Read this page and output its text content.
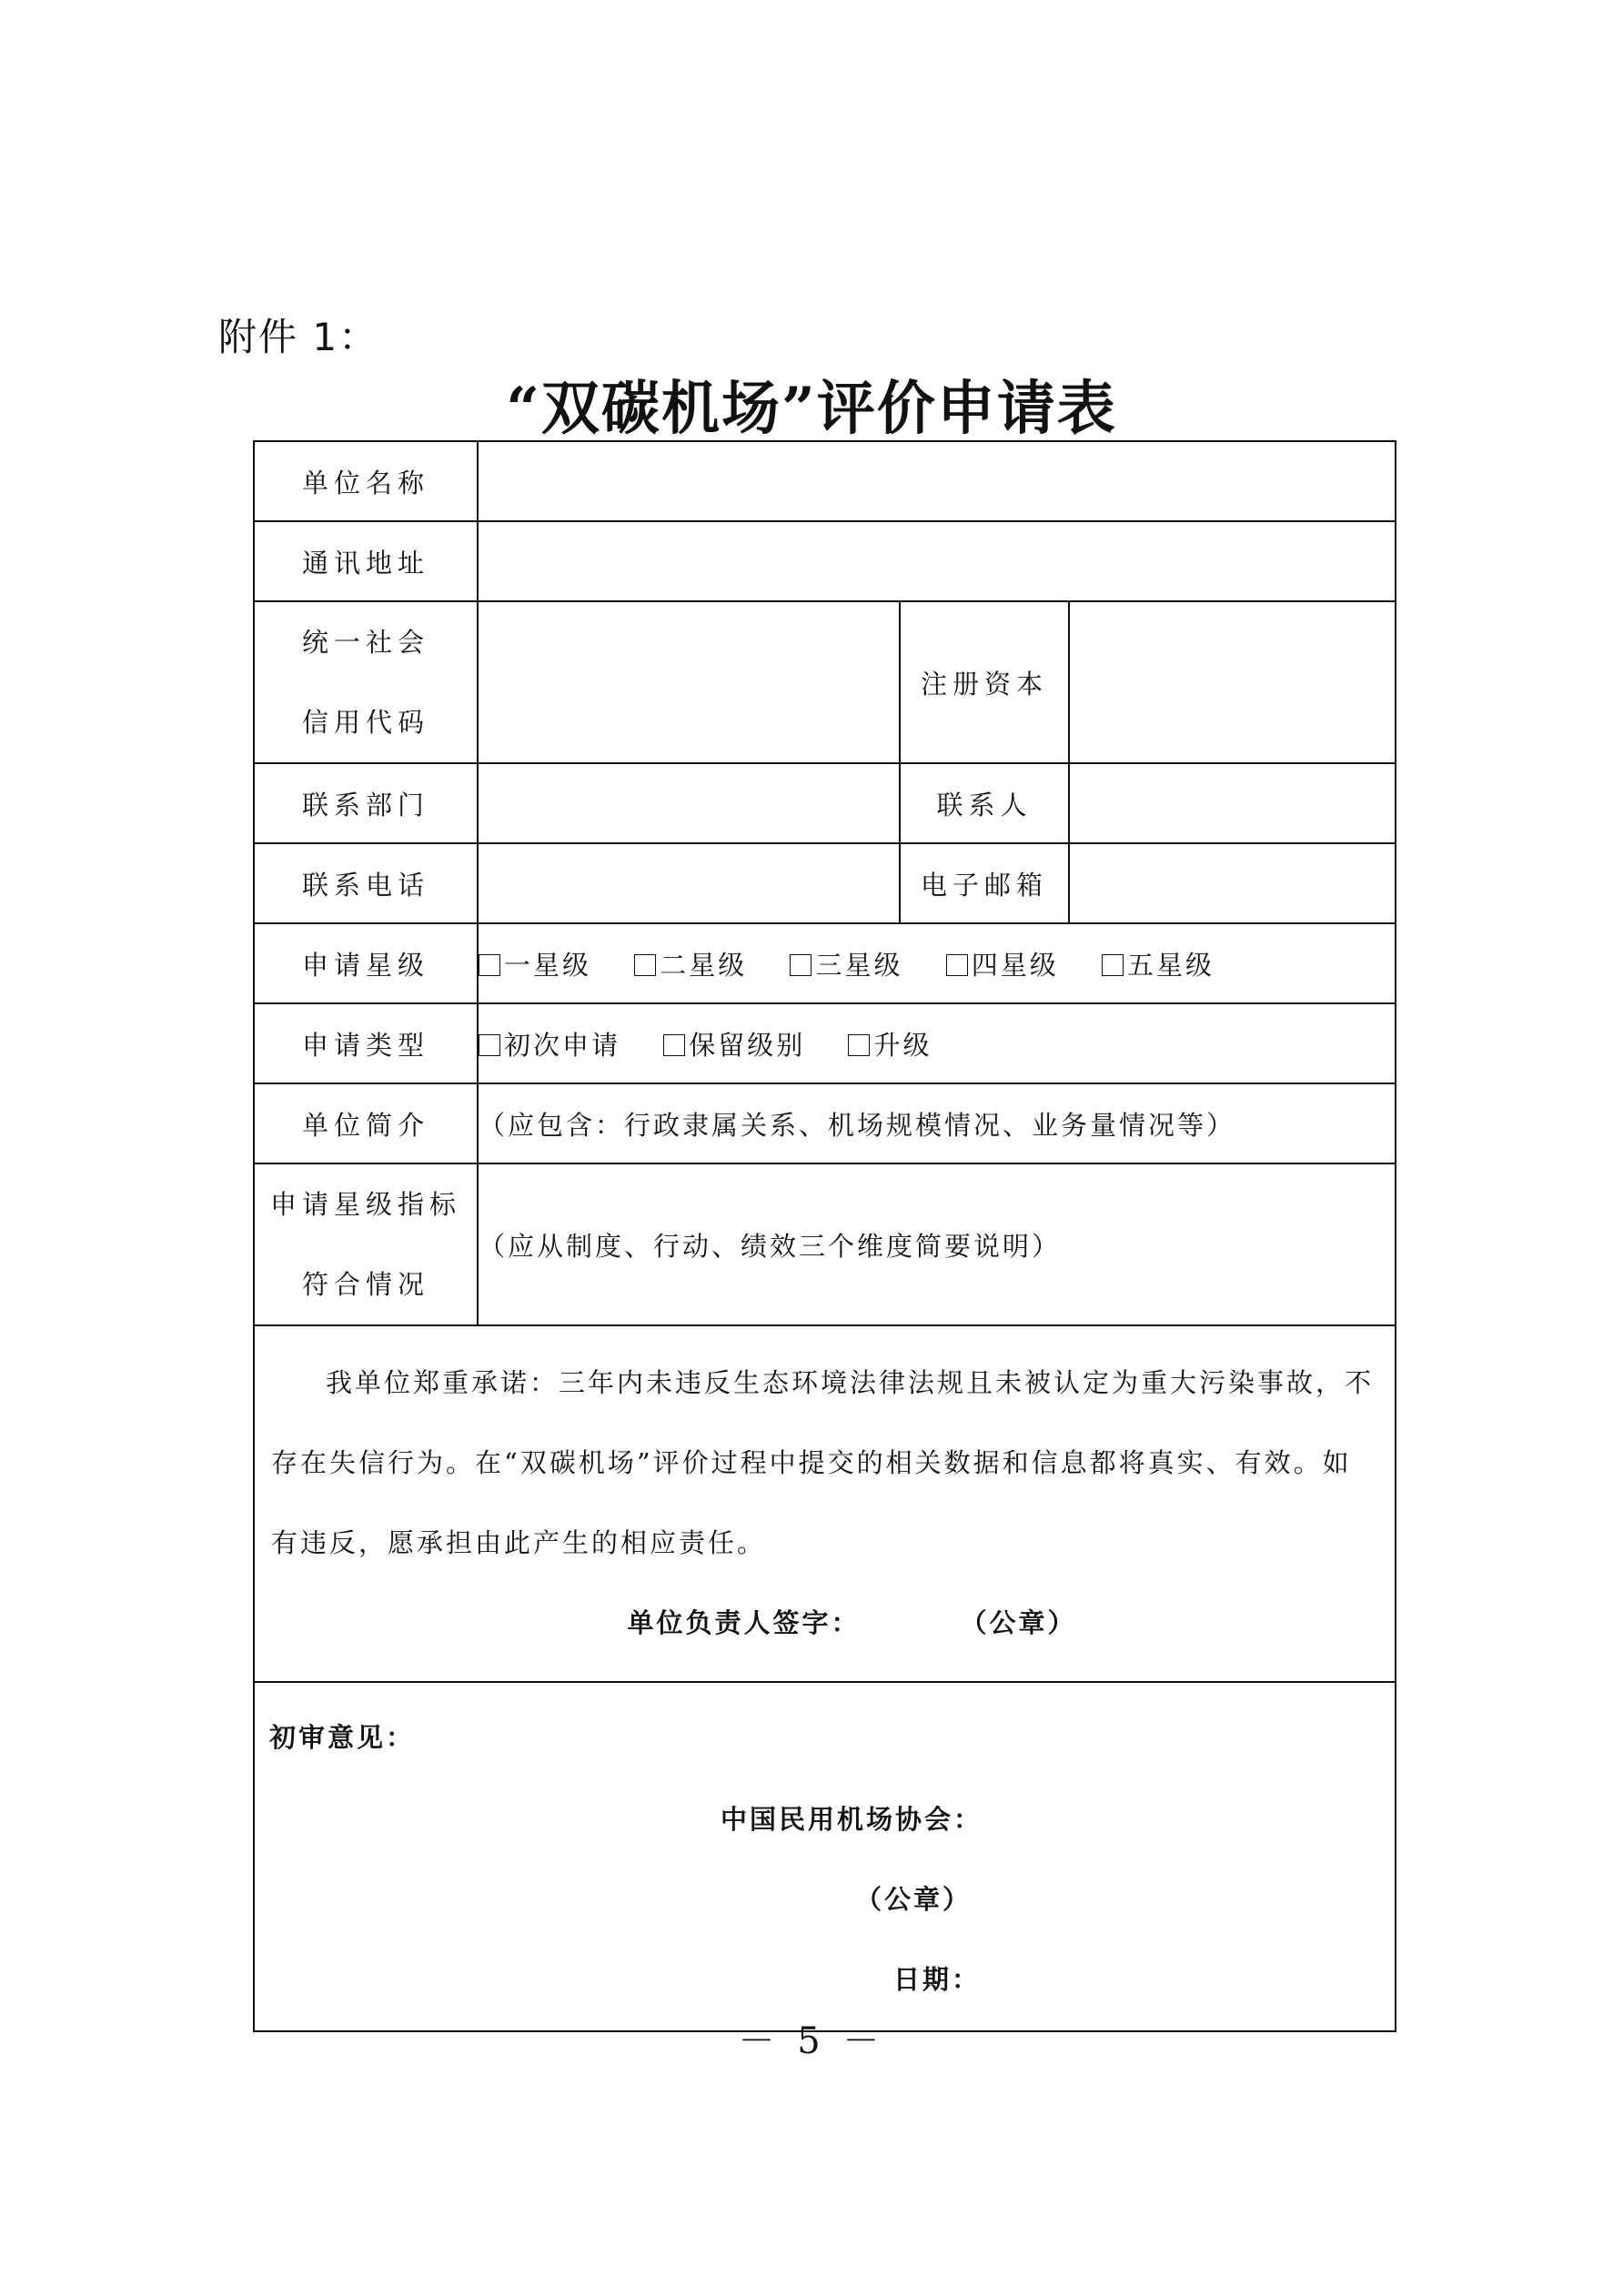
附件 1：
“双碳机场”评价申请表
单位名称			
通讯地址			

统一社会
信用代码		注册资本	
联系部门		联系人	
联系电话		电子邮箱	
申请星级	一星级 二星级 三星级 四星级 五星级		
申请类型	初次申请 保留级别 升级		
单位简介	（应包含：行政隶属关系、机场规模情况、业务量情况等）		

申请星级指标
符合情况	（应从制度、行动、绩效三个维度简要说明）		

我单位郑重承诺：三年内未违反生态环境法律法规且未被认定为重大污染事故，不存在失信行为。在“双碳机场”评价过程中提交的相关数据和信息都将真实、有效。如有违反，愿承担由此产生的相应责任。

单位负责人签字： （公章）			

初审意见：
中国民用机场协会：
（公章）
日期：			
－ 5 －
